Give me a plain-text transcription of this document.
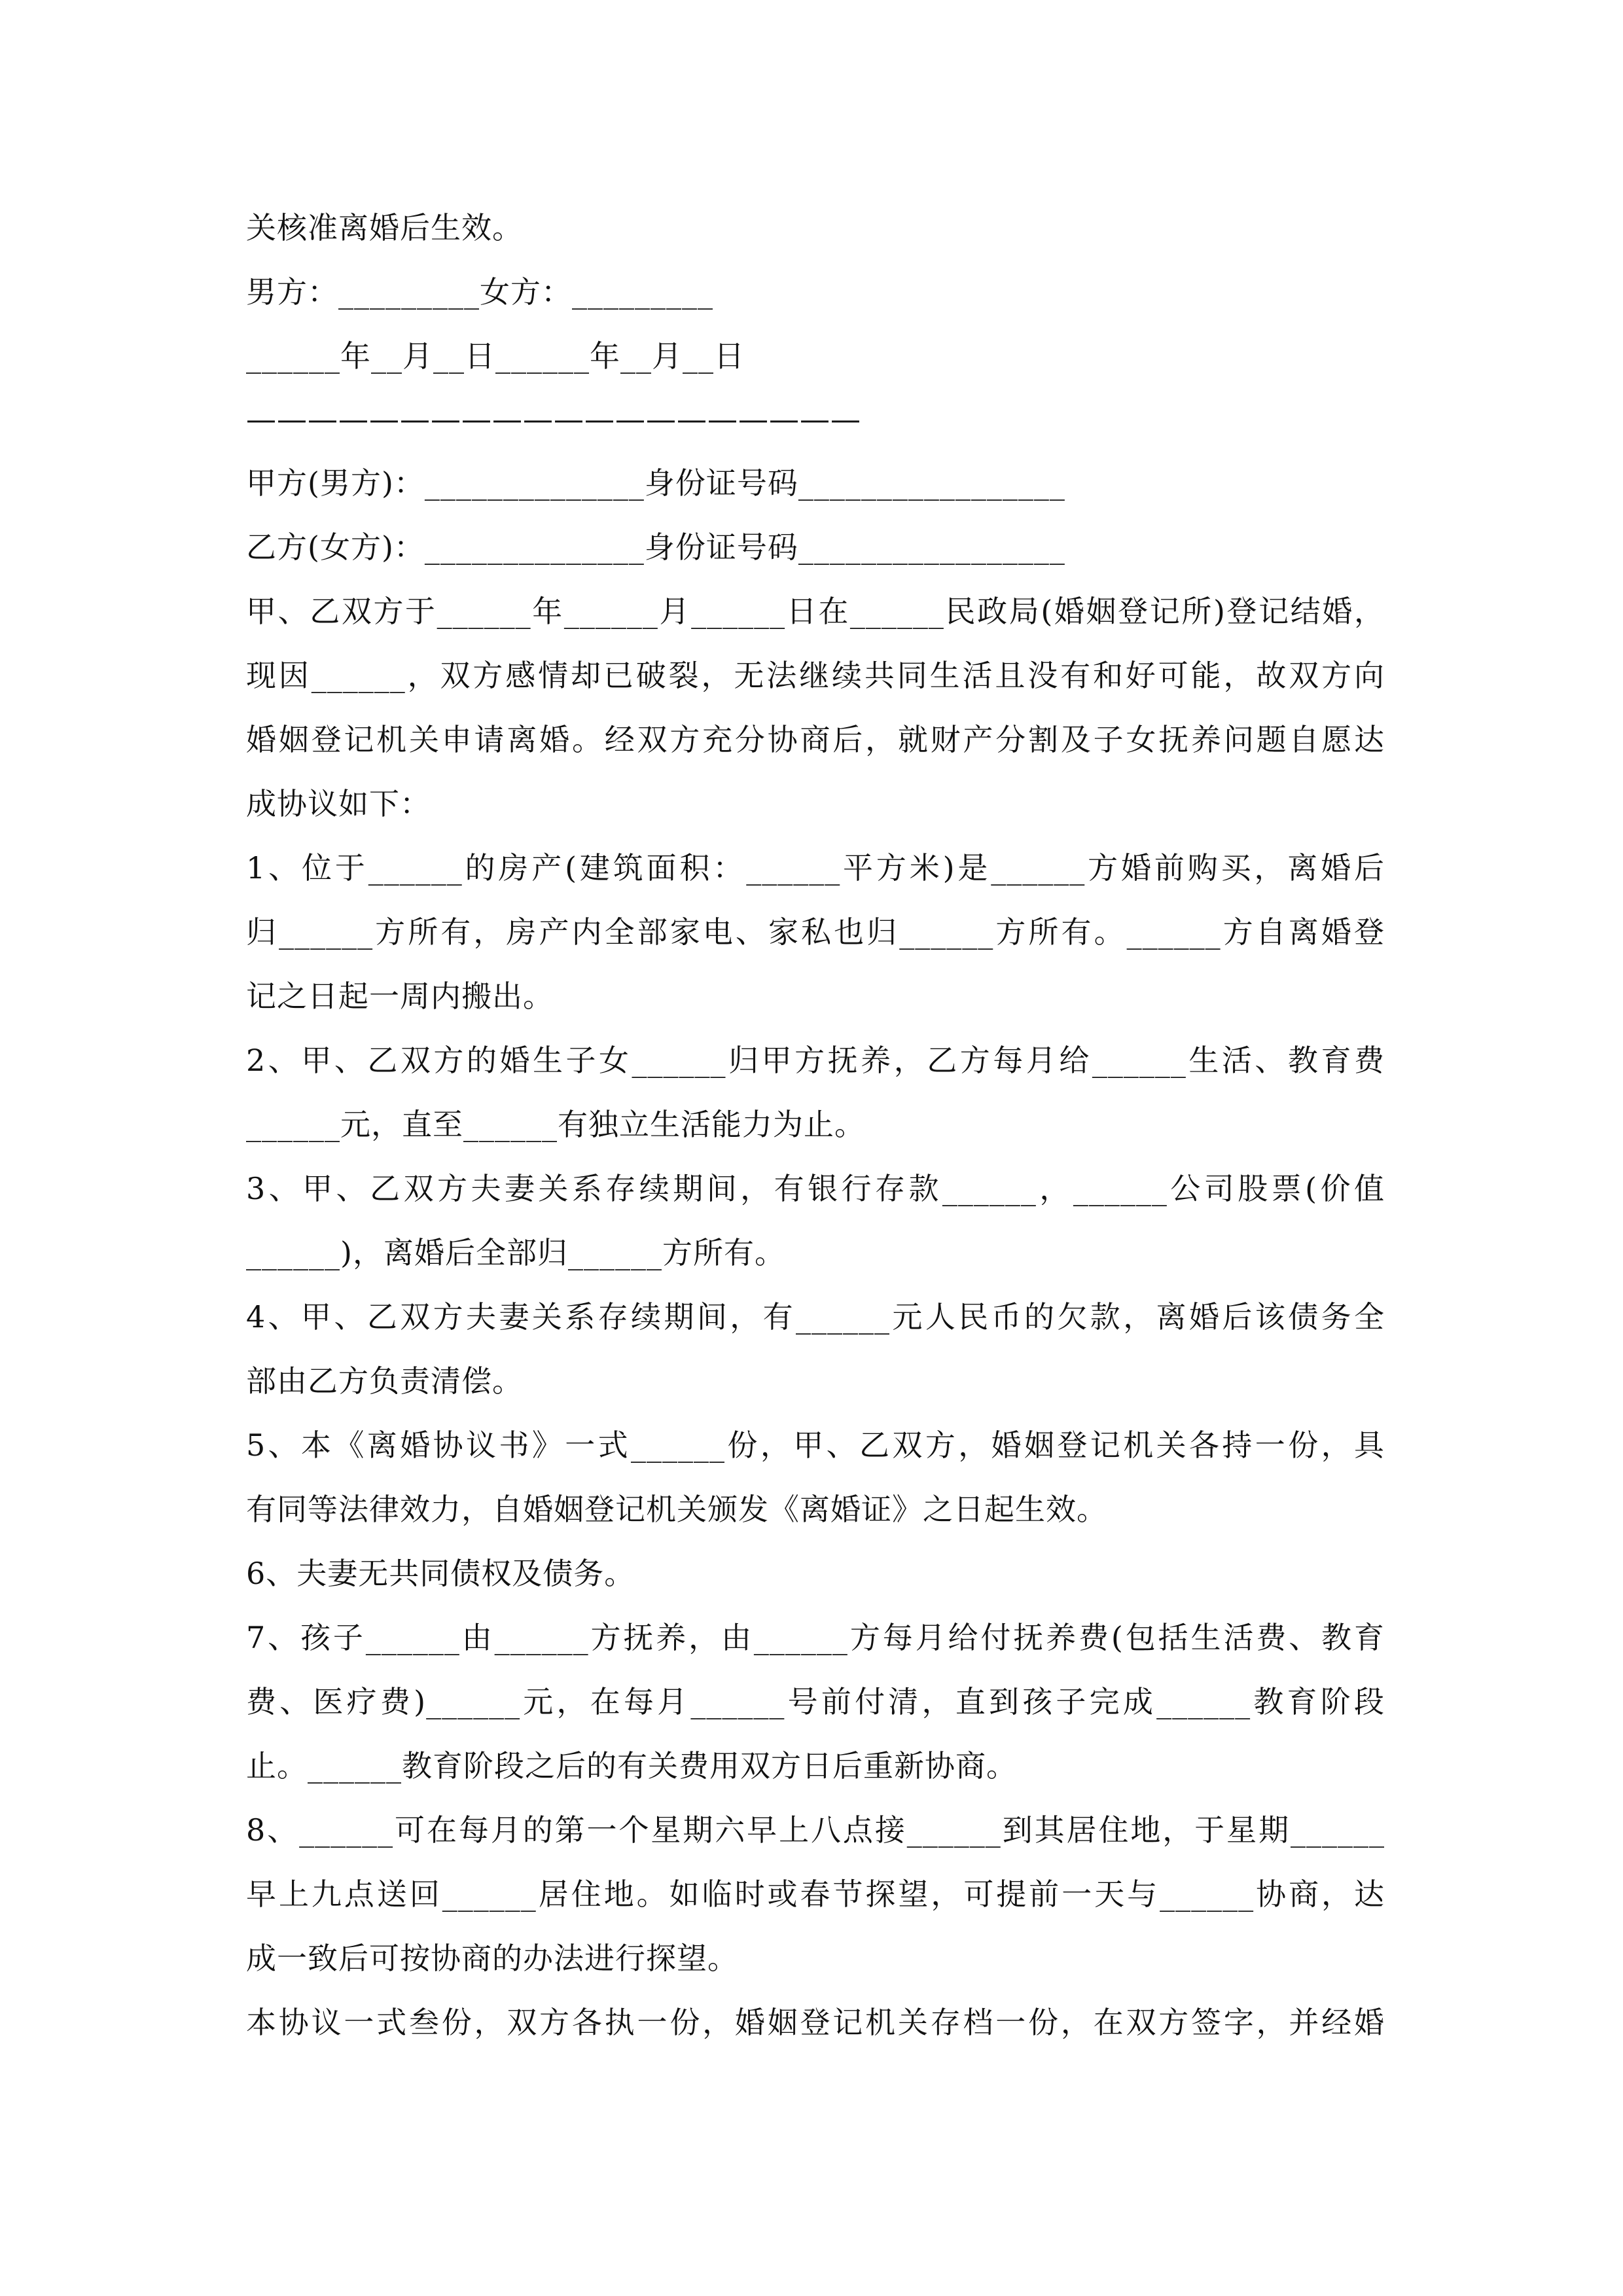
关核准离婚后生效。
男方：_________女方：_________
______年__月__日______年__月__日
————————————————————
甲方(男方)：______________身份证号码_________________
乙方(女方)：______________身份证号码_________________
甲、乙双方于______年______月______日在______民政局(婚姻登记所)登记结婚，
现因______，双方感情却已破裂，无法继续共同生活且没有和好可能，故双方向
婚姻登记机关申请离婚。经双方充分协商后，就财产分割及子女抚养问题自愿达
成协议如下：
1、位于______的房产(建筑面积：______平方米)是______方婚前购买，离婚后
归______方所有，房产内全部家电、家私也归______方所有。______方自离婚登
记之日起一周内搬出。
2、甲、乙双方的婚生子女______归甲方抚养，乙方每月给______生活、教育费
______元，直至______有独立生活能力为止。
3、甲、乙双方夫妻关系存续期间，有银行存款______，______公司股票(价值
______)，离婚后全部归______方所有。
4、甲、乙双方夫妻关系存续期间，有______元人民币的欠款，离婚后该债务全
部由乙方负责清偿。
5、本《离婚协议书》一式______份，甲、乙双方，婚姻登记机关各持一份，具
有同等法律效力，自婚姻登记机关颁发《离婚证》之日起生效。
6、夫妻无共同债权及债务。
7、孩子______由______方抚养，由______方每月给付抚养费(包括生活费、教育
费、医疗费)______元，在每月______号前付清，直到孩子完成______教育阶段
止。______教育阶段之后的有关费用双方日后重新协商。
8、______可在每月的第一个星期六早上八点接______到其居住地，于星期______
早上九点送回______居住地。如临时或春节探望，可提前一天与______协商，达
成一致后可按协商的办法进行探望。
本协议一式叁份，双方各执一份，婚姻登记机关存档一份，在双方签字，并经婚
